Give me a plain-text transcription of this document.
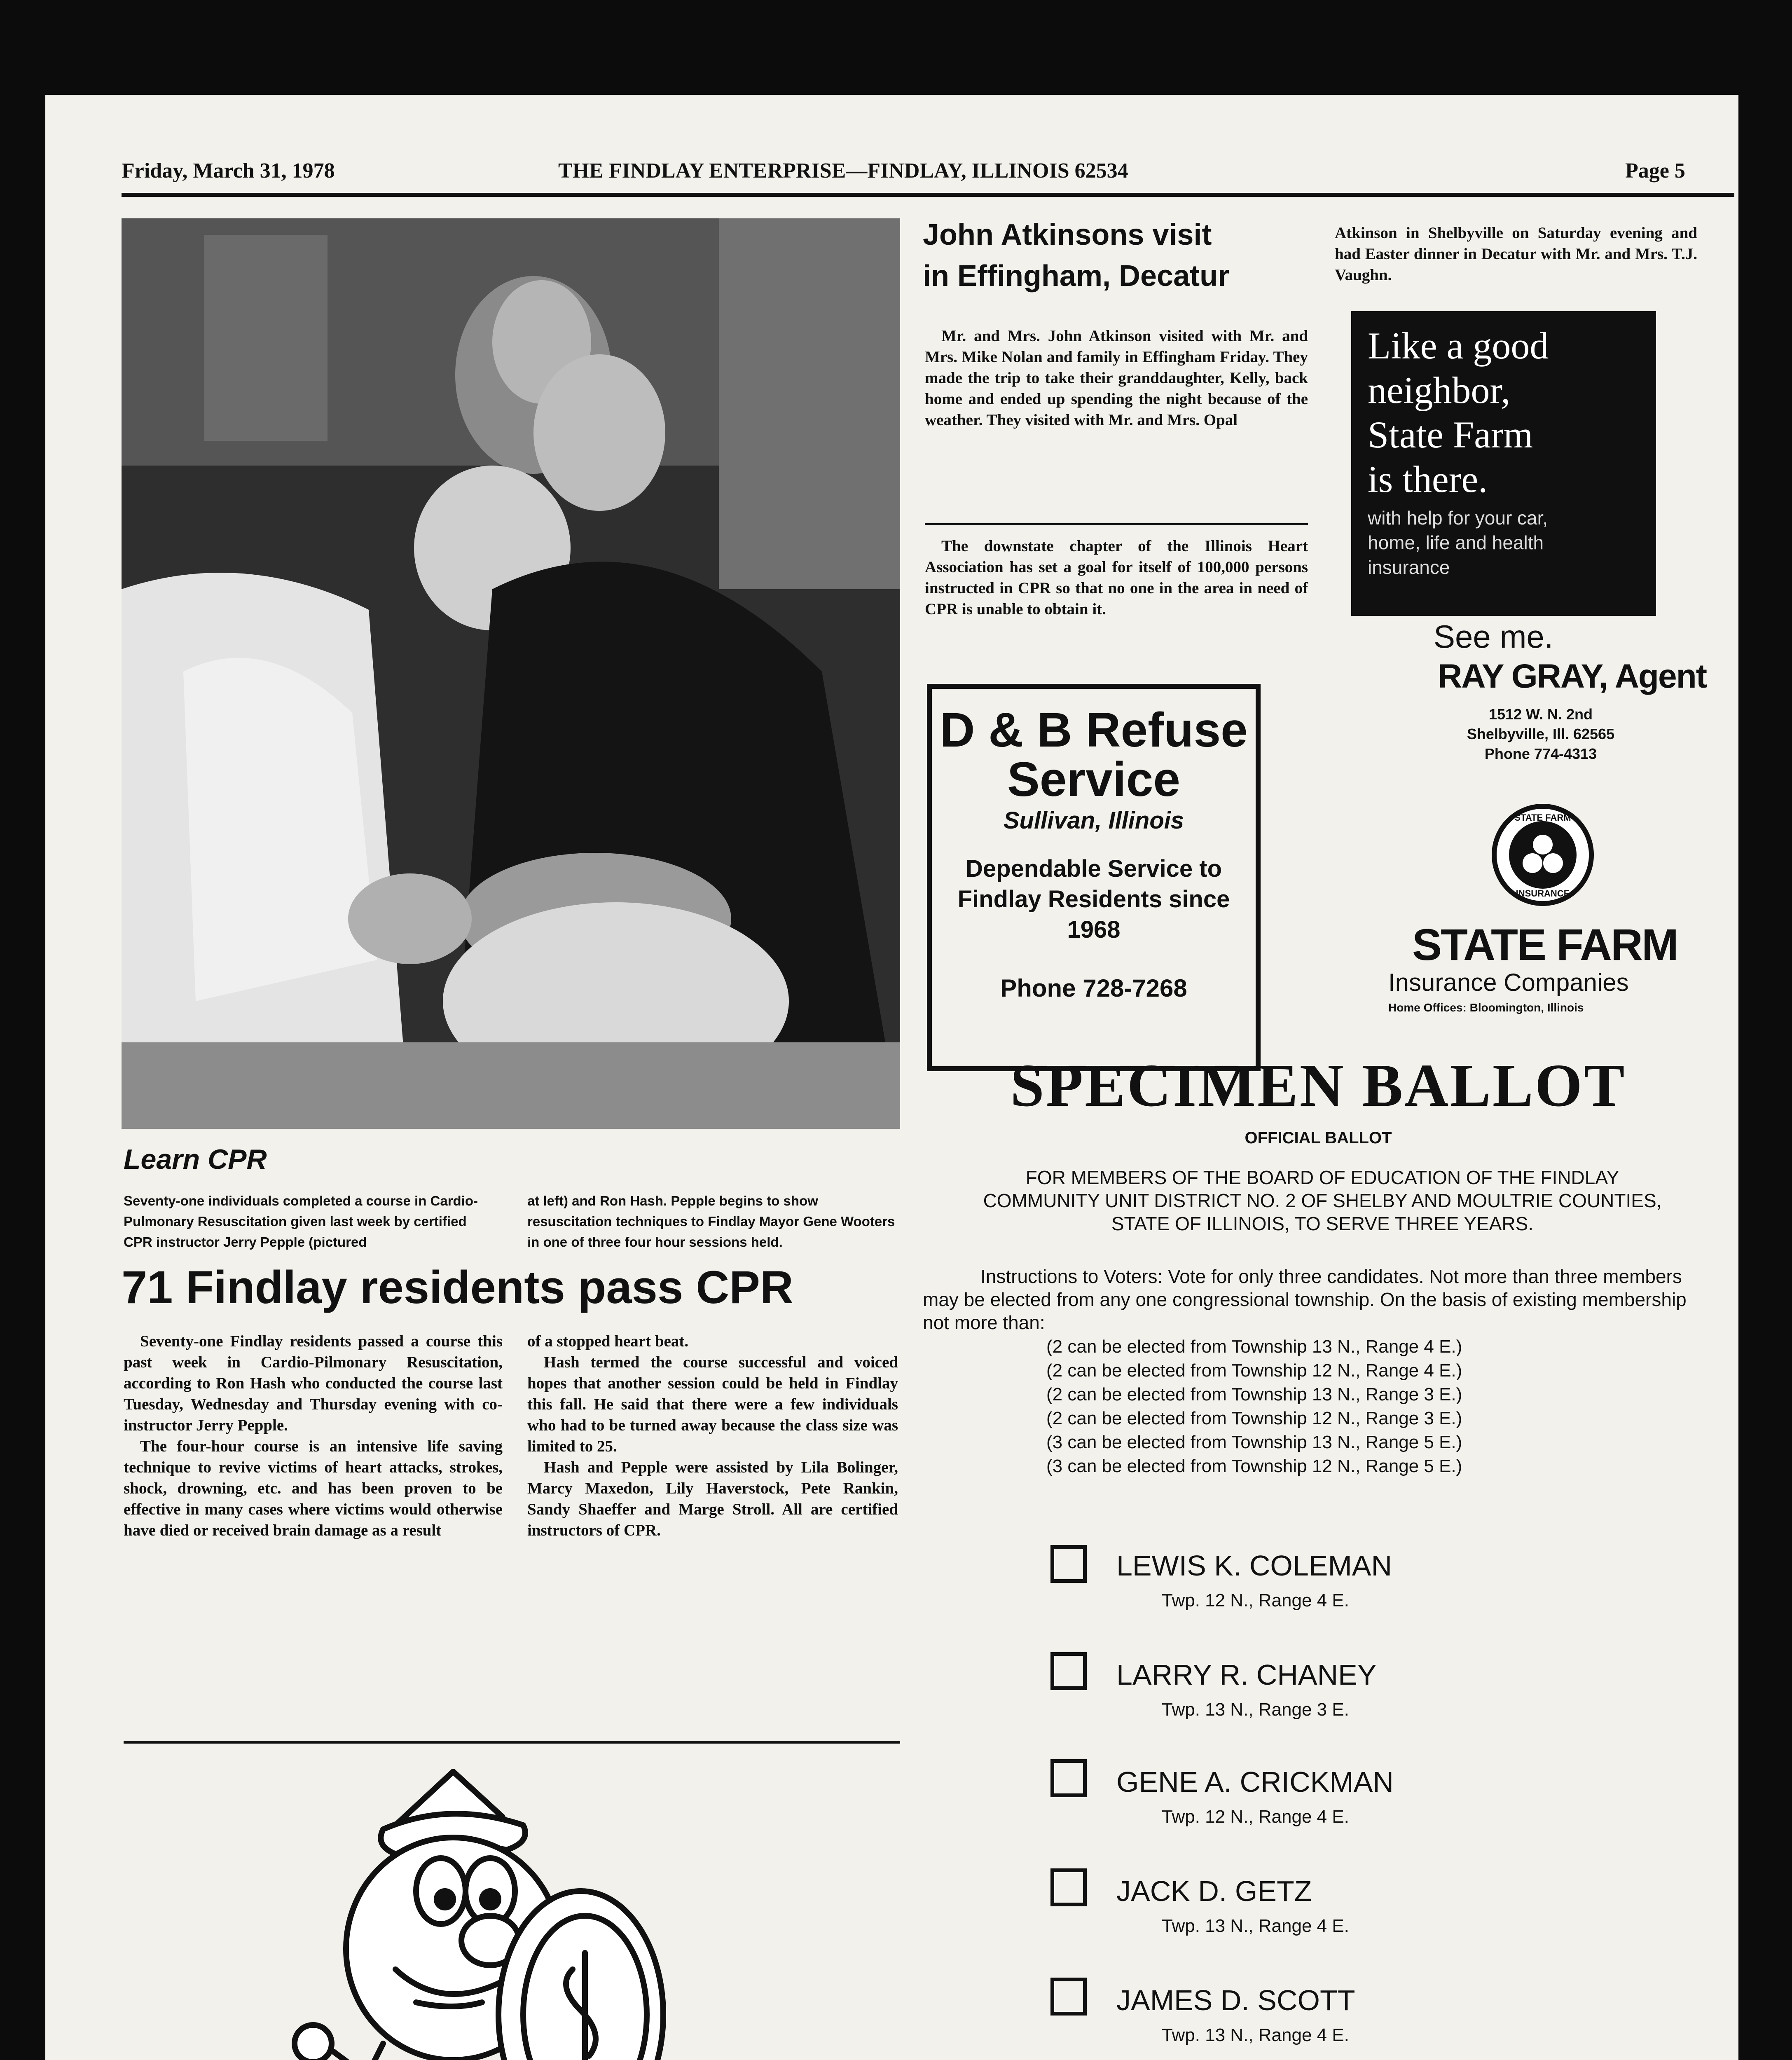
Friday, March 31, 1978	THE FINDLAY ENTERPRISE—FINDLAY, ILLINOIS 62534	Page 5
Learn CPR
Seventy-one individuals completed a course in Cardio-Pulmonary Resuscitation given last week by certified CPR instructor Jerry Pepple (pictured
at left) and Ron Hash. Pepple begins to show resuscitation techniques to Findlay Mayor Gene Wooters in one of three four hour sessions held.
71 Findlay residents pass CPR
Seventy-one Findlay residents passed a course this past week in Cardio-Pilmonary Resuscitation, according to Ron Hash who conducted the course last Tuesday, Wednesday and Thursday evening with co-instructor Jerry Pepple.
The four-hour course is an intensive life saving technique to revive victims of heart attacks, strokes, shock, drowning, etc. and has been proven to be effective in many cases where victims would otherwise have died or received brain damage as a result
of a stopped heart beat.
Hash termed the course successful and voiced hopes that another session could be held in Findlay this fall. He said that there were a few individuals who had to be turned away because the class size was limited to 25.
Hash and Pepple were assisted by Lila Bolinger, Marcy Maxedon, Lily Haverstock, Pete Rankin, Sandy Shaeffer and Marge Stroll. All are certified instructors of CPR.
John Atkinsons visit
in Effingham, Decatur
Mr. and Mrs. John Atkinson visited with Mr. and Mrs. Mike Nolan and family in Effingham Friday. They made the trip to take their granddaughter, Kelly, back home and ended up spending the night because of the weather. They visited with Mr. and Mrs. Opal
The downstate chapter of the Illinois Heart Association has set a goal for itself of 100,000 persons instructed in CPR so that no one in the area in need of CPR is unable to obtain it.
Atkinson in Shelbyville on Saturday evening and had Easter dinner in Decatur with Mr. and Mrs. T.J. Vaughn.
D & B Refuse
Service
Sullivan, Illinois
Dependable Service to Findlay Residents since 1968
Phone 728-7268
Like a good
neighbor,
State Farm
is there.
with help for your car, home, life and health insurance
See me.
RAY GRAY, Agent
1512 W. N. 2nd
Shelbyville, Ill. 62565
Phone 774-4313
STATE FARM
INSURANCE
STATE FARM
Insurance Companies
Home Offices: Bloomington, Illinois
SPECIMEN BALLOT
OFFICIAL BALLOT
FOR MEMBERS OF THE BOARD OF EDUCATION OF THE FINDLAY COMMUNITY UNIT DISTRICT NO. 2 OF SHELBY AND MOULTRIE COUNTIES, STATE OF ILLINOIS, TO SERVE THREE YEARS.
Instructions to Voters: Vote for only three candidates. Not more than three members may be elected from any one congressional township. On the basis of existing membership not more than:
(2 can be elected from Township 13 N., Range 4 E.)
(2 can be elected from Township 12 N., Range 4 E.)
(2 can be elected from Township 13 N., Range 3 E.)
(2 can be elected from Township 12 N., Range 3 E.)
(3 can be elected from Township 13 N., Range 5 E.)
(3 can be elected from Township 12 N., Range 5 E.)
LEWIS K. COLEMAN
Twp. 12 N., Range 4 E.
LARRY R. CHANEY
Twp. 13 N., Range 3 E.
GENE A. CRICKMAN
Twp. 12 N., Range 4 E.
JACK D. GETZ
Twp. 13 N., Range 4 E.
JAMES D. SCOTT
Twp. 13 N., Range 4 E.
